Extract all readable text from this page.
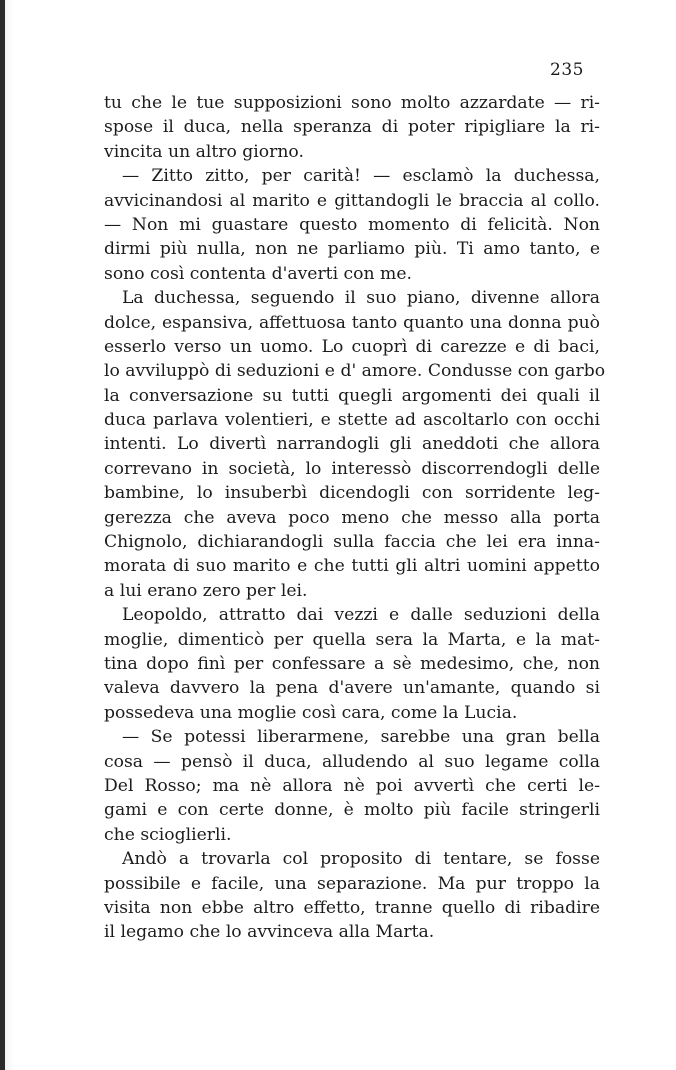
235
tu che le tue supposizioni sono molto azzardate — ri-
spose il duca, nella speranza di poter ripigliare la ri-
vincita un altro giorno.
— Zitto zitto, per carità! — esclamò la duchessa,
avvicinandosi al marito e gittandogli le braccia al collo.
— Non mi guastare questo momento di felicità. Non
dirmi più nulla, non ne parliamo più. Ti amo tanto, e
sono così contenta d'averti con me.
La duchessa, seguendo il suo piano, divenne allora
dolce, espansiva, affettuosa tanto quanto una donna può
esserlo verso un uomo. Lo cuoprì di carezze e di baci,
lo avviluppò di seduzioni e d' amore. Condusse con garbo
la conversazione su tutti quegli argomenti dei quali il
duca parlava volentieri, e stette ad ascoltarlo con occhi
intenti. Lo divertì narrandogli gli aneddoti che allora
correvano in società, lo interessò discorrendogli delle
bambine, lo insuberbì dicendogli con sorridente leg-
gerezza che aveva poco meno che messo alla porta
Chignolo, dichiarandogli sulla faccia che lei era inna-
morata di suo marito e che tutti gli altri uomini appetto
a lui erano zero per lei.
Leopoldo, attratto dai vezzi e dalle seduzioni della
moglie, dimenticò per quella sera la Marta, e la mat-
tina dopo finì per confessare a sè medesimo, che, non
valeva davvero la pena d'avere un'amante, quando si
possedeva una moglie così cara, come la Lucia.
— Se potessi liberarmene, sarebbe una gran bella
cosa — pensò il duca, alludendo al suo legame colla
Del Rosso; ma nè allora nè poi avvertì che certi le-
gami e con certe donne, è molto più facile stringerli
che scioglierli.
Andò a trovarla col proposito di tentare, se fosse
possibile e facile, una separazione. Ma pur troppo la
visita non ebbe altro effetto, tranne quello di ribadire
il legamo che lo avvinceva alla Marta.
